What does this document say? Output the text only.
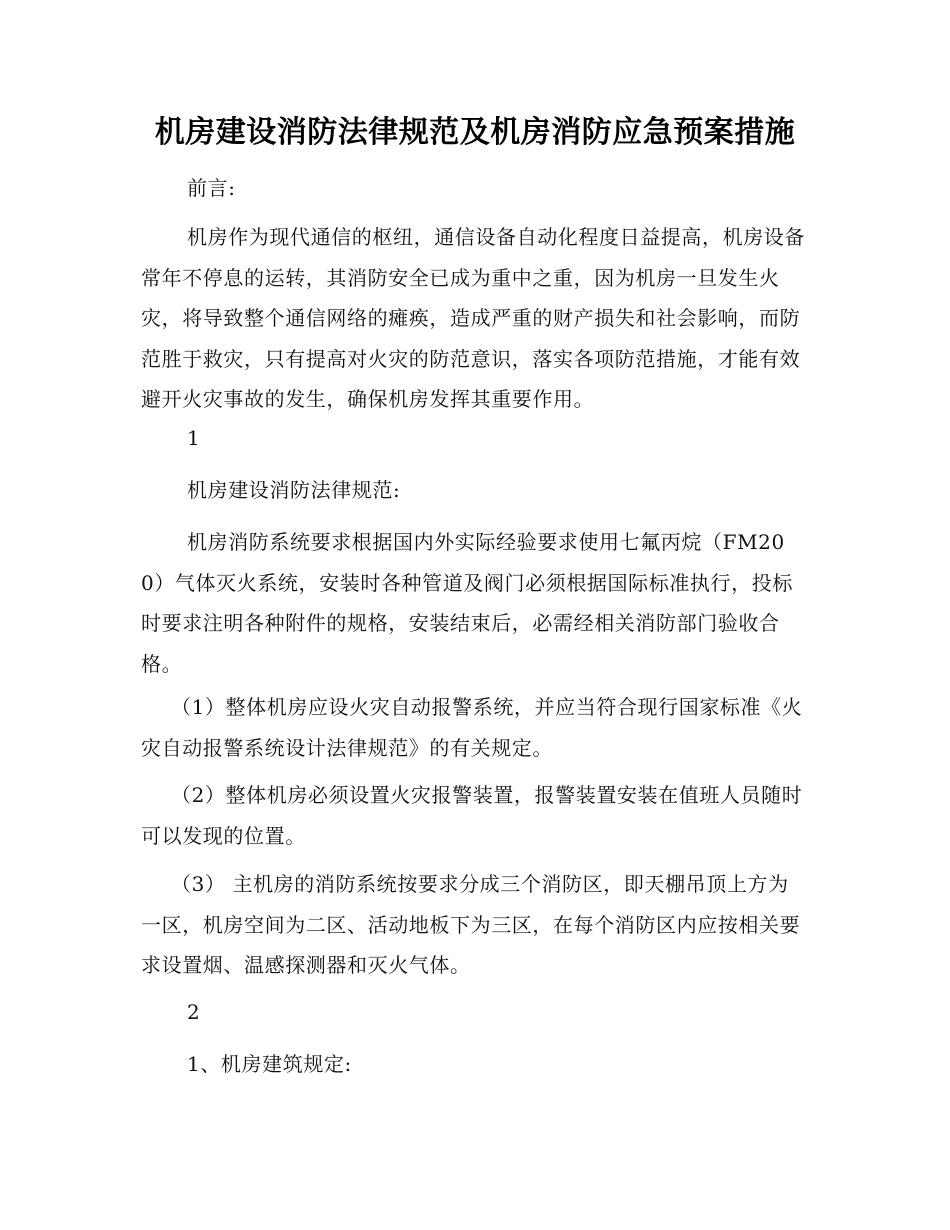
机房建设消防法律规范及机房消防应急预案措施

前言:

机房作为现代通信的枢纽，通信设备自动化程度日益提高，机房设备常年不停息的运转，其消防安全已成为重中之重，因为机房一旦发生火灾，将导致整个通信网络的瘫痪，造成严重的财产损失和社会影响，而防范胜于救灾，只有提高对火灾的防范意识，落实各项防范措施，才能有效避开火灾事故的发生，确保机房发挥其重要作用。

1

机房建设消防法律规范:

机房消防系统要求根据国内外实际经验要求使用七氟丙烷（FM200）气体灭火系统，安装时各种管道及阀门必须根据国际标准执行，投标时要求注明各种附件的规格，安装结束后，必需经相关消防部门验收合格。

（1）整体机房应设火灾自动报警系统，并应当符合现行国家标准《火灾自动报警系统设计法律规范》的有关规定。

（2）整体机房必须设置火灾报警装置，报警装置安装在值班人员随时可以发现的位置。

（3） 主机房的消防系统按要求分成三个消防区，即天棚吊顶上方为一区，机房空间为二区、活动地板下为三区，在每个消防区内应按相关要求设置烟、温感探测器和灭火气体。

2

1、机房建筑规定:
